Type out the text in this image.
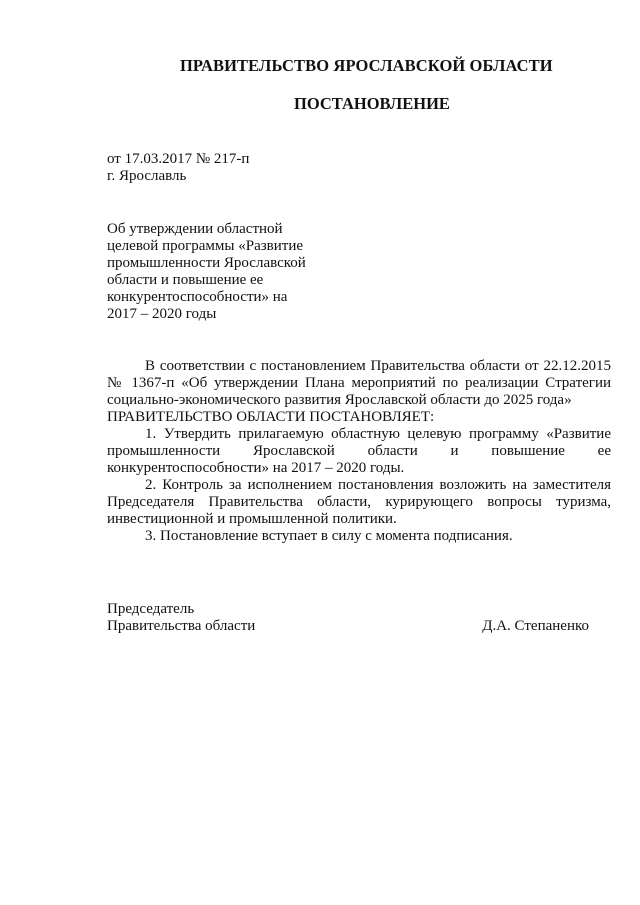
ПРАВИТЕЛЬСТВО ЯРОСЛАВСКОЙ ОБЛАСТИ
ПОСТАНОВЛЕНИЕ
от 17.03.2017 № 217-п
г. Ярославль
Об утверждении областной
целевой программы «Развитие
промышленности Ярославской
области и повышение ее
конкурентоспособности» на
2017 – 2020 годы

В соответствии с постановлением Правительства области от 22.12.2015 № 1367-п «Об утверждении Плана мероприятий по реализации Стратегии социально-экономического развития Ярославской области до 2025 года»

ПРАВИТЕЛЬСТВО ОБЛАСТИ ПОСТАНОВЛЯЕТ:

1. Утвердить прилагаемую областную целевую программу «Развитие промышленности Ярославской области и повышение ее конкурентоспособности» на 2017 – 2020 годы.

2. Контроль за исполнением постановления возложить на заместителя Председателя Правительства области, курирующего вопросы туризма, инвестиционной и промышленной политики.

3. Постановление вступает в силу с момента подписания.

Председатель
Правительства области	Д.А. Степаненко
